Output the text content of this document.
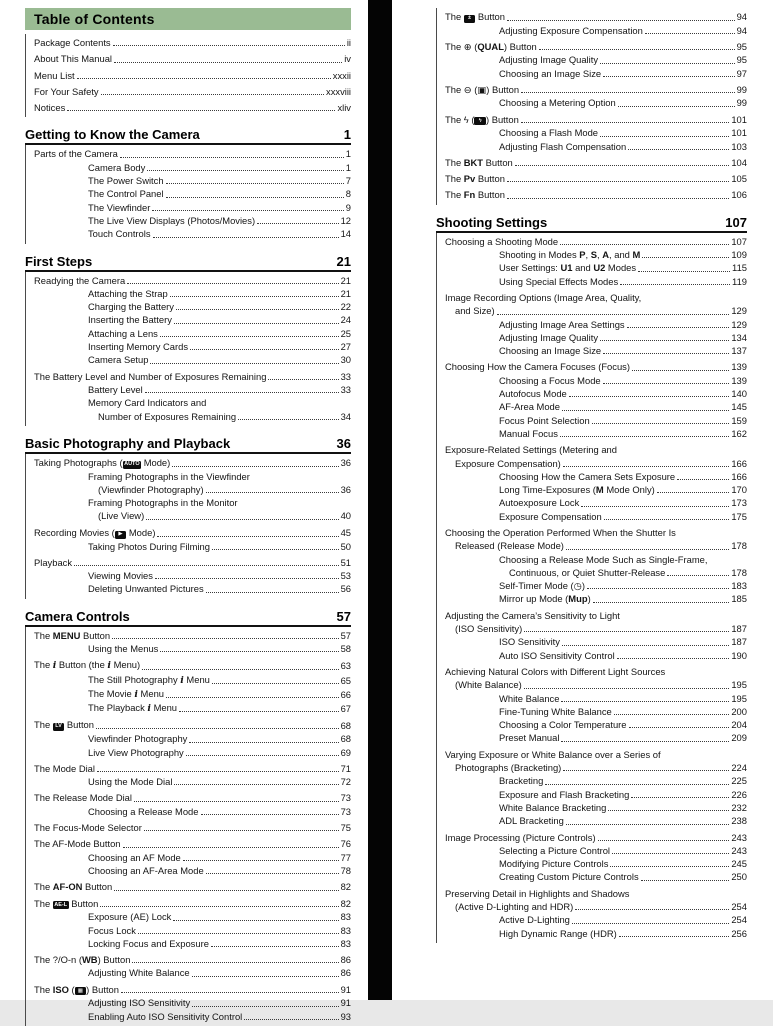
Table of Contents
Package Contents	ii
About This Manual	iv
Menu List	xxxii
For Your Safety	xxxviii
Notices	xliv
Getting to Know the Camera	1
Parts of the Camera	1
Camera Body	1
The Power Switch	7
The Control Panel	8
The Viewfinder	9
The Live View Displays (Photos/Movies)	12
Touch Controls	14
First Steps	21
Readying the Camera	21
Attaching the Strap	21
Charging the Battery	22
Inserting the Battery	24
Attaching a Lens	25
Inserting Memory Cards	27
Camera Setup	30
The Battery Level and Number of Exposures Remaining	33
Battery Level	33
Memory Card Indicators and
Number of Exposures Remaining	34
Basic Photography and Playback	36
Taking Photographs ( AUTO Mode)	36
Framing Photographs in the Viewfinder
(Viewfinder Photography)	36
Framing Photographs in the Monitor
(Live View)	40
Recording Movies ( ▶ Mode)	45
Taking Photos During Filming	50
Playback	51
Viewing Movies	53
Deleting Unwanted Pictures	56
Camera Controls	57
The MENU Button	57
Using the Menus	58
The i Button (the i Menu)	63
The Still Photography i Menu	65
The Movie i Menu	66
The Playback i Menu	67
The LV Button	68
Viewfinder Photography	68
Live View Photography	69
The Mode Dial	71
Using the Mode Dial	72
The Release Mode Dial	73
Choosing a Release Mode	73
The Focus-Mode Selector	75
The AF-Mode Button	76
Choosing an AF Mode	77
Choosing an AF-Area Mode	78
The AF-ON Button	82
The AE-L Button	82
Exposure (AE) Lock	83
Focus Lock	83
Locking Focus and Exposure	83
The ?/O-n (WB) Button	86
Adjusting White Balance	86
The ISO ( ▦ ) Button	91
Adjusting ISO Sensitivity	91
Enabling Auto ISO Sensitivity Control	93
The ± Button	94
Adjusting Exposure Compensation	94
The ⊕ (QUAL) Button	95
Adjusting Image Quality	95
Choosing an Image Size	97
The ⊖ (▣) Button	99
Choosing a Metering Option	99
The ϟ ( ϟ ) Button	101
Choosing a Flash Mode	101
Adjusting Flash Compensation	103
The BKT Button	104
The Pv Button	105
The Fn Button	106
Shooting Settings	107
Choosing a Shooting Mode	107
Shooting in Modes P, S, A, and M	109
User Settings: U1 and U2 Modes	115
Using Special Effects Modes	119
Image Recording Options (Image Area, Quality,
and Size)	129
Adjusting Image Area Settings	129
Adjusting Image Quality	134
Choosing an Image Size	137
Choosing How the Camera Focuses (Focus)	139
Choosing a Focus Mode	139
Autofocus Mode	140
AF-Area Mode	145
Focus Point Selection	159
Manual Focus	162
Exposure-Related Settings (Metering and
Exposure Compensation)	166
Choosing How the Camera Sets Exposure	166
Long Time-Exposures (M Mode Only)	170
Autoexposure Lock	173
Exposure Compensation	175
Choosing the Operation Performed When the Shutter Is
Released (Release Mode)	178
Choosing a Release Mode Such as Single-Frame,
Continuous, or Quiet Shutter-Release	178
Self-Timer Mode (◷)	183
Mirror up Mode (Mup)	185
Adjusting the Camera’s Sensitivity to Light
(ISO Sensitivity)	187
ISO Sensitivity	187
Auto ISO Sensitivity Control	190
Achieving Natural Colors with Different Light Sources
(White Balance)	195
White Balance	195
Fine-Tuning White Balance	200
Choosing a Color Temperature	204
Preset Manual	209
Varying Exposure or White Balance over a Series of
Photographs (Bracketing)	224
Bracketing	225
Exposure and Flash Bracketing	226
White Balance Bracketing	232
ADL Bracketing	238
Image Processing (Picture Controls)	243
Selecting a Picture Control	243
Modifying Picture Controls	245
Creating Custom Picture Controls	250
Preserving Detail in Highlights and Shadows
(Active D-Lighting and HDR)	254
Active D-Lighting	254
High Dynamic Range (HDR)	256
